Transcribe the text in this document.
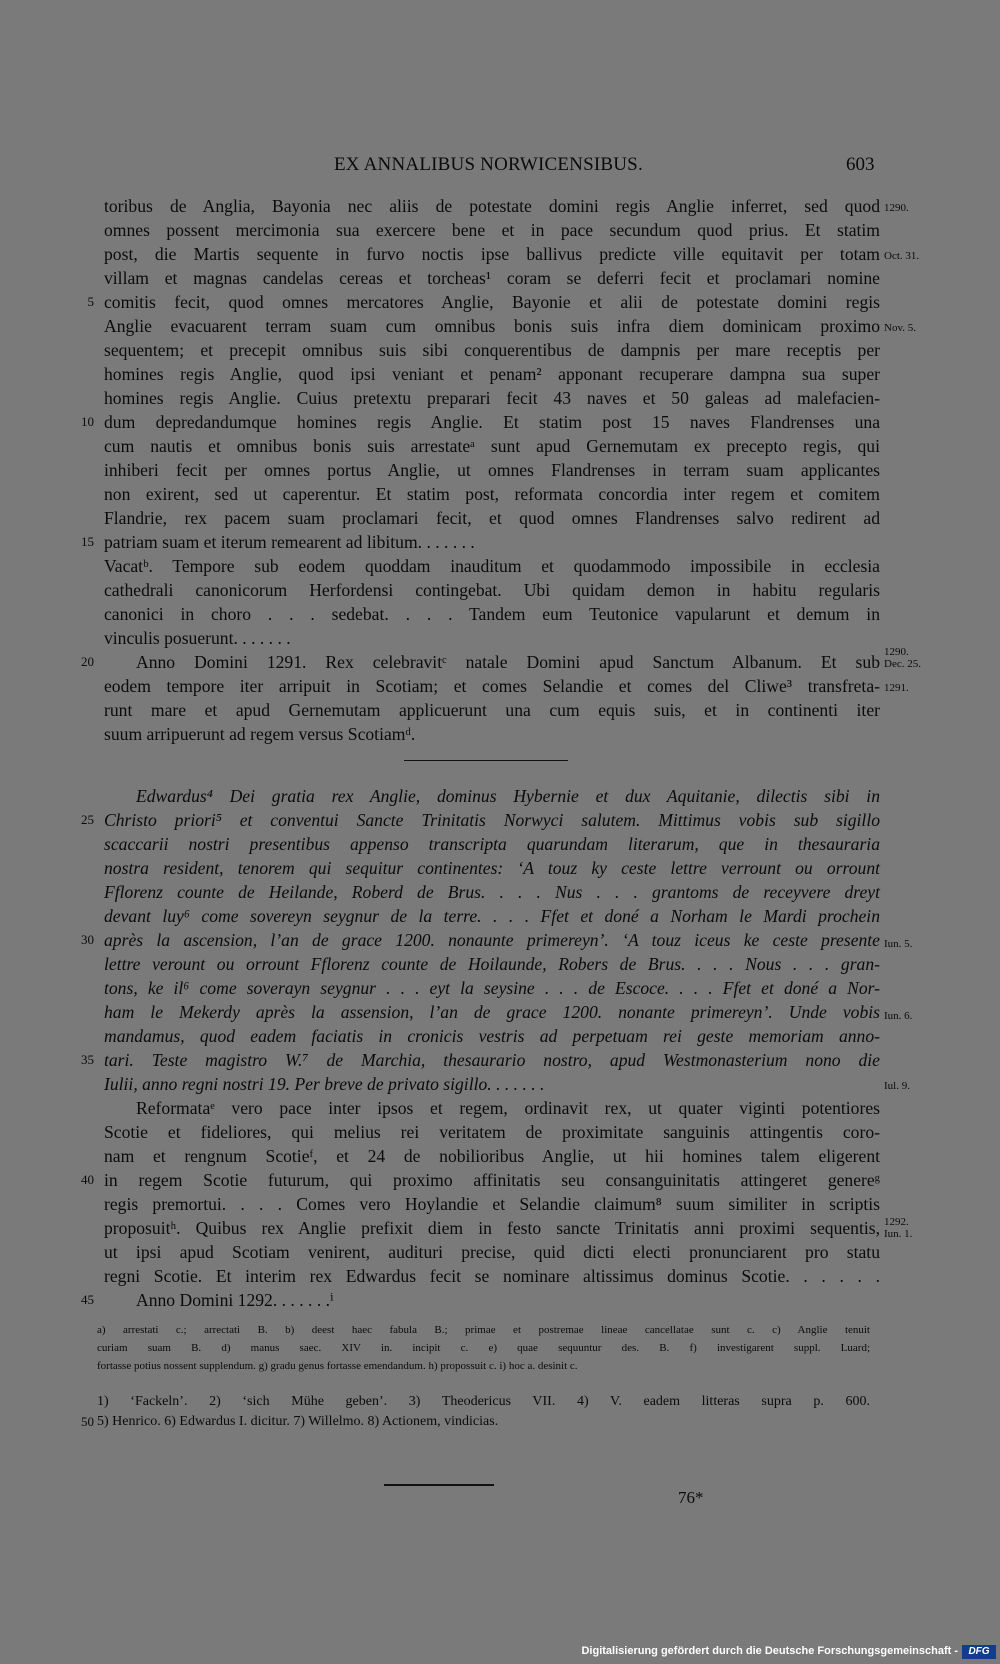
EX ANNALIBUS NORWICENSIBUS.	603
toribus de Anglia, Bayonia nec aliis de potestate domini regis Anglie inferret, sed quod
omnes possent mercimonia sua exercere bene et in pace secundum quod prius. Et statim
post, die Martis sequente in furvo noctis ipse ballivus predicte ville equitavit per totam
villam et magnas candelas cereas et torcheas¹ coram se deferri fecit et proclamari nomine
comitis fecit, quod omnes mercatores Anglie, Bayonie et alii de potestate domini regis
Anglie evacuarent terram suam cum omnibus bonis suis infra diem dominicam proximo
sequentem; et precepit omnibus suis sibi conquerentibus de dampnis per mare receptis per
homines regis Anglie, quod ipsi veniant et penam² apponant recuperare dampna sua super
homines regis Anglie. Cuius pretextu preparari fecit 43 naves et 50 galeas ad malefacien-
dum depredandumque homines regis Anglie. Et statim post 15 naves Flandrenses una
cum nautis et omnibus bonis suis arrestateᵃ sunt apud Gernemutam ex precepto regis, qui
inhiberi fecit per omnes portus Anglie, ut omnes Flandrenses in terram suam applicantes
non exirent, sed ut caperentur. Et statim post, reformata concordia inter regem et comitem
Flandrie, rex pacem suam proclamari fecit, et quod omnes Flandrenses salvo redirent ad
patriam suam et iterum remearent ad libitum. . . . . . .
Vacatᵇ. Tempore sub eodem quoddam inauditum et quodammodo impossibile in ecclesia
cathedrali canonicorum Herfordensi contingebat. Ubi quidam demon in habitu regularis
canonici in choro . . . sedebat. . . . Tandem eum Teutonice vapularunt et demum in
vinculis posuerunt. . . . . . .
Anno Domini 1291. Rex celebravitᶜ natale Domini apud Sanctum Albanum. Et sub
eodem tempore iter arripuit in Scotiam; et comes Selandie et comes del Cliwe³ transfreta-
runt mare et apud Gernemutam applicuerunt una cum equis suis, et in continenti iter
suum arripuerunt ad regem versus Scotiamᵈ.
Edwardus⁴ Dei gratia rex Anglie, dominus Hybernie et dux Aquitanie, dilectis sibi in
Christo priori⁵ et conventui Sancte Trinitatis Norwyci salutem. Mittimus vobis sub sigillo
scaccarii nostri presentibus appenso transcripta quarundam literarum, que in thesauraria
nostra resident, tenorem qui sequitur continentes: ‘A touz ky ceste lettre verrount ou orrount
Fflorenz counte de Heilande, Roberd de Brus. . . . Nus . . . grantoms de receyvere dreyt
devant luy⁶ come sovereyn seygnur de la terre. . . . Ffet et doné a Norham le Mardi prochein
après la ascension, l’an de grace 1200. nonaunte primereyn’. ‘A touz iceus ke ceste presente
lettre verount ou orrount Fflorenz counte de Hoilaunde, Robers de Brus. . . . Nous . . . gran-
tons, ke il⁶ come soverayn seygnur . . . eyt la seysine . . . de Escoce. . . . Ffet et doné a Nor-
ham le Mekerdy après la assension, l’an de grace 1200. nonante primereyn’. Unde vobis
mandamus, quod eadem faciatis in cronicis vestris ad perpetuam rei geste memoriam anno-
tari. Teste magistro W.⁷ de Marchia, thesaurario nostro, apud Westmonasterium nono die
Iulii, anno regni nostri 19. Per breve de privato sigillo. . . . . . .
Reformataᵉ vero pace inter ipsos et regem, ordinavit rex, ut quater viginti potentiores
Scotie et fideliores, qui melius rei veritatem de proximitate sanguinis attingentis coro-
nam et rengnum Scotieᶠ, et 24 de nobilioribus Anglie, ut hii homines talem eligerent
in regem Scotie futurum, qui proximo affinitatis seu consanguinitatis attingeret genereᵍ
regis premortui. . . . Comes vero Hoylandie et Selandie claimum⁸ suum similiter in scriptis
proposuitʰ. Quibus rex Anglie prefixit diem in festo sancte Trinitatis anni proximi sequentis,
ut ipsi apud Scotiam venirent, audituri precise, quid dicti electi pronunciarent pro statu
regni Scotie. Et interim rex Edwardus fecit se nominare altissimus dominus Scotie. . . . . .
Anno Domini 1292. . . . . . .ⁱ
5
10
15
20
25
30
35
40
45
50
1290.
Oct. 31.
Nov. 5.
1290. Dec. 25.
1291.
Iun. 5.
Iun. 6.
Iul. 9.
1292. Iun. 1.
a) arrestati c.; arrectati B. b) deest haec fabula B.; primae et postremae lineae cancellatae sunt c. c) Anglie tenuit
curiam suam B. d) manus saec. XIV in. incipit c. e) quae sequuntur des. B. f) investigarent suppl. Luard;
fortasse potius nossent supplendum. g) gradu genus fortasse emendandum. h) propossuit c. i) hoc a. desinit c.
1) ‘Fackeln’. 2) ‘sich Mühe geben’. 3) Theodericus VII. 4) V. eadem litteras supra p. 600.
5) Henrico. 6) Edwardus I. dicitur. 7) Willelmo. 8) Actionem, vindicias.
76*
Digitalisierung gefördert durch die Deutsche Forschungsgemeinschaft -	DFG
